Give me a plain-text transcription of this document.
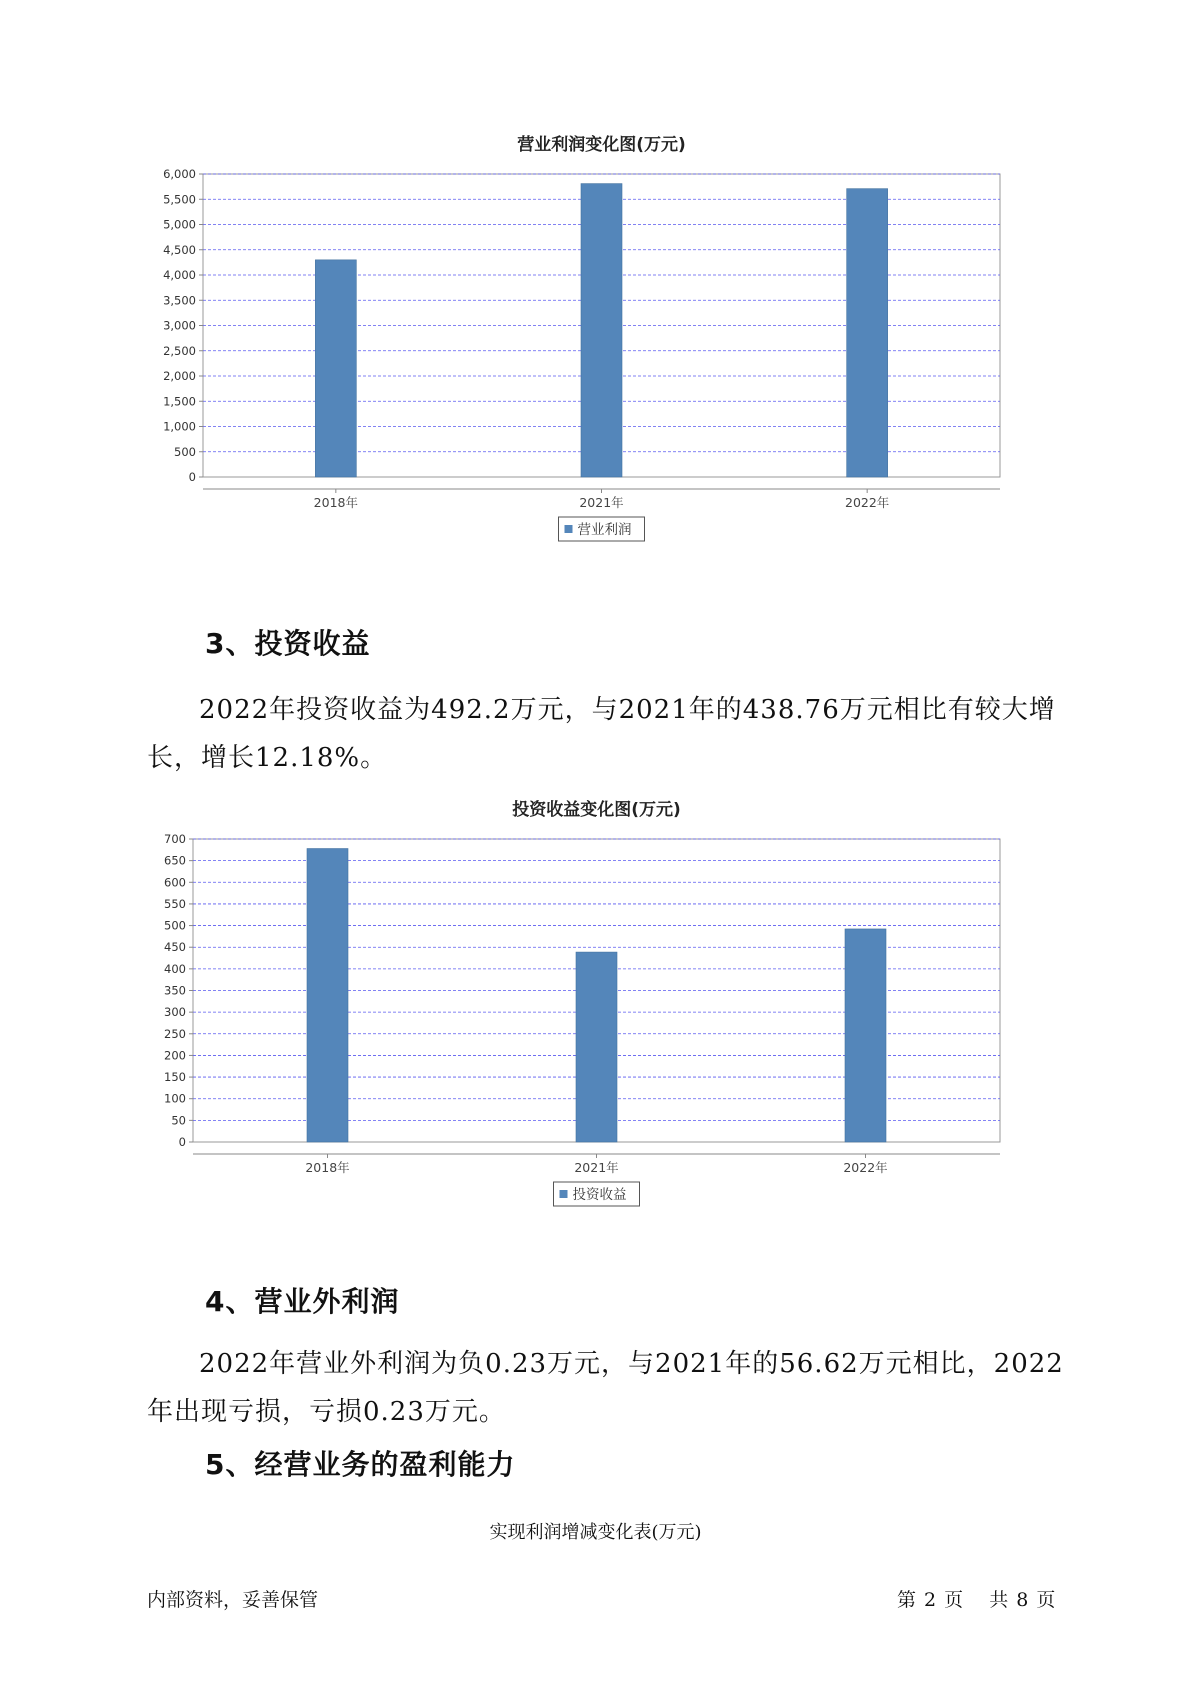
营业利润变化图(万元)
0
500
1,000
1,500
2,000
2,500
3,000
3,500
4,000
4,500
5,000
5,500
6,000
2018年	2021年	2022年
营业利润
3、投资收益

2022年投资收益为492.2万元，与2021年的438.76万元相比有较大增长，增长12.18%。

投资收益变化图(万元)
0
50
100
150
200
250
300
350
400
450
500
550
600
650
700
2018年	2021年	2022年
投资收益
4、营业外利润

2022年营业外利润为负0.23万元，与2021年的56.62万元相比，2022年出现亏损，亏损0.23万元。

5、经营业务的盈利能力
实现利润增减变化表(万元)
内部资料，妥善保管	第 2 页 共 8 页
